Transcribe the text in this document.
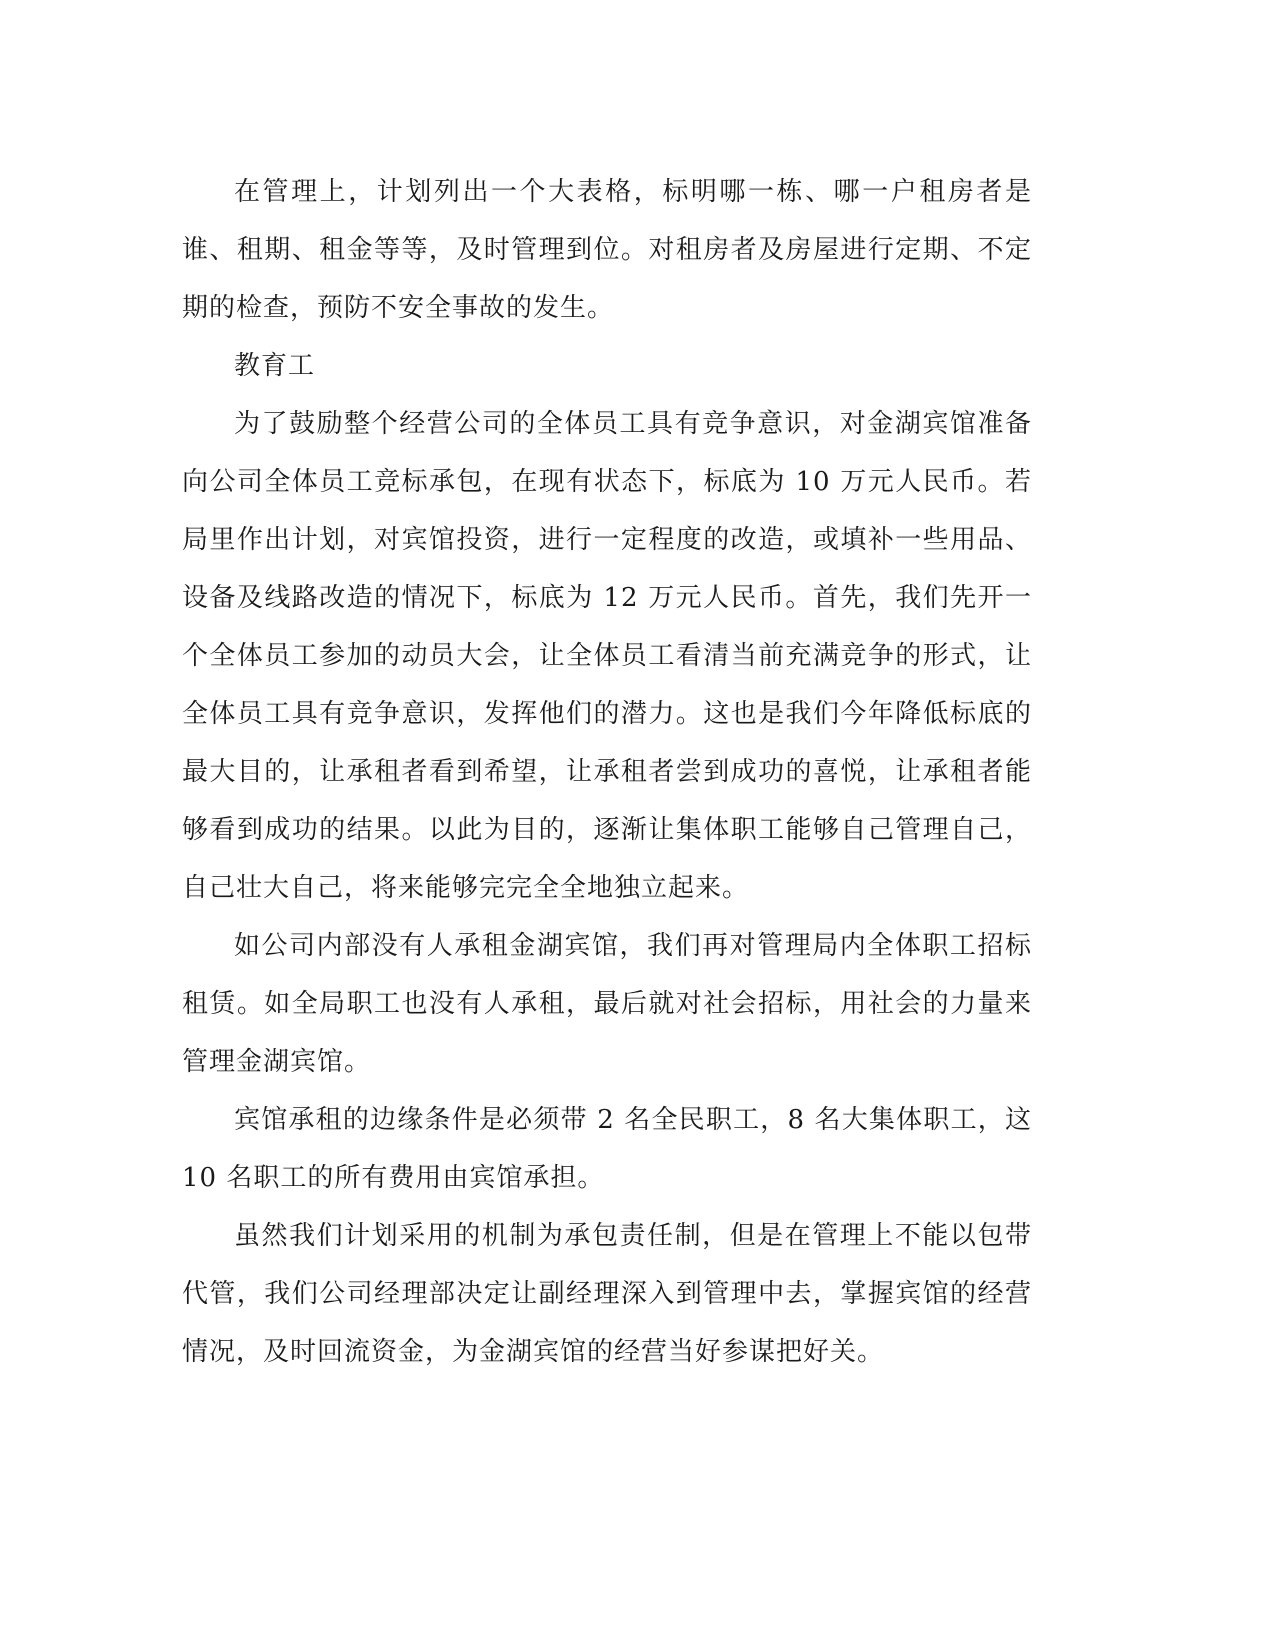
在管理上，计划列出一个大表格，标明哪一栋、哪一户租房者是谁、租期、租金等等，及时管理到位。对租房者及房屋进行定期、不定期的检查，预防不安全事故的发生。

教育工

为了鼓励整个经营公司的全体员工具有竞争意识，对金湖宾馆准备向公司全体员工竞标承包，在现有状态下，标底为 10 万元人民币。若局里作出计划，对宾馆投资，进行一定程度的改造，或填补一些用品、设备及线路改造的情况下，标底为 12 万元人民币。首先，我们先开一个全体员工参加的动员大会，让全体员工看清当前充满竞争的形式，让全体员工具有竞争意识，发挥他们的潜力。这也是我们今年降低标底的最大目的，让承租者看到希望，让承租者尝到成功的喜悦，让承租者能够看到成功的结果。以此为目的，逐渐让集体职工能够自己管理自己，自己壮大自己，将来能够完完全全地独立起来。

如公司内部没有人承租金湖宾馆，我们再对管理局内全体职工招标租赁。如全局职工也没有人承租，最后就对社会招标，用社会的力量来管理金湖宾馆。

宾馆承租的边缘条件是必须带 2 名全民职工，8 名大集体职工，这 10 名职工的所有费用由宾馆承担。

虽然我们计划采用的机制为承包责任制，但是在管理上不能以包带代管，我们公司经理部决定让副经理深入到管理中去，掌握宾馆的经营情况，及时回流资金，为金湖宾馆的经营当好参谋把好关。
